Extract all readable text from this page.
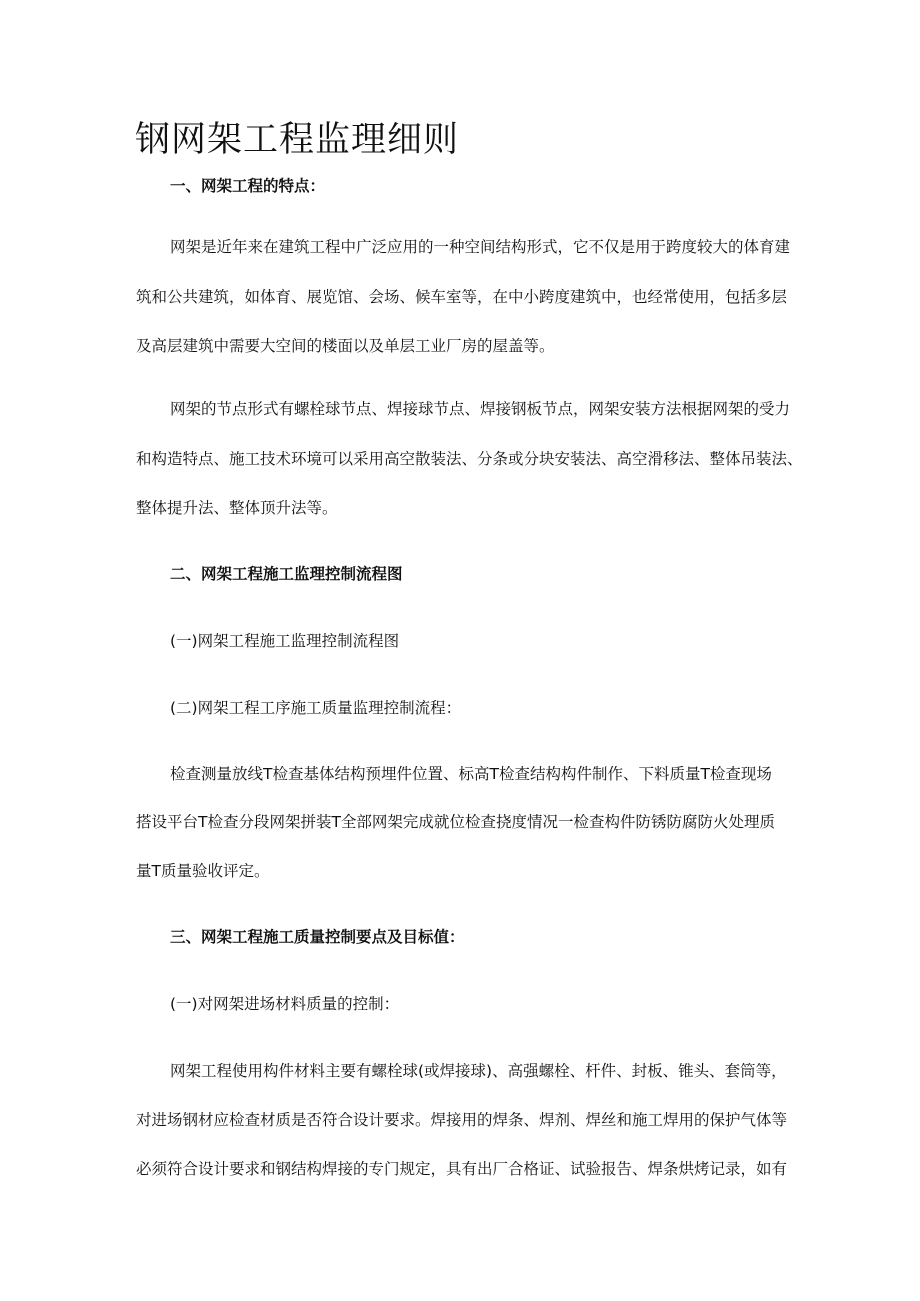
钢网架工程监理细则

一、网架工程的特点：

网架是近年来在建筑工程中广泛应用的一种空间结构形式，它不仅是用于跨度较大的体育建

筑和公共建筑，如体育、展览馆、会场、候车室等，在中小跨度建筑中，也经常使用，包括多层

及高层建筑中需要大空间的楼面以及单层工业厂房的屋盖等。

网架的节点形式有螺栓球节点、焊接球节点、焊接钢板节点，网架安装方法根据网架的受力

和构造特点、施工技术环境可以采用高空散装法、分条或分块安装法、高空滑移法、整体吊装法、

整体提升法、整体顶升法等。

二、网架工程施工监理控制流程图

(一)网架工程施工监理控制流程图

(二)网架工程工序施工质量监理控制流程：

检查测量放线T检查基体结构预埋件位置、标高T检查结构构件制作、下料质量T检查现场

搭设平台T检查分段网架拼装T全部网架完成就位检查挠度情况一检查构件防锈防腐防火处理质

量T质量验收评定。

三、网架工程施工质量控制要点及目标值：

(一)对网架进场材料质量的控制：

网架工程使用构件材料主要有螺栓球(或焊接球)、高强螺栓、杆件、封板、锥头、套筒等，

对进场钢材应检查材质是否符合设计要求。焊接用的焊条、焊剂、焊丝和施工焊用的保护气体等

必须符合设计要求和钢结构焊接的专门规定，具有出厂合格证、试验报告、焊条烘烤记录，如有
